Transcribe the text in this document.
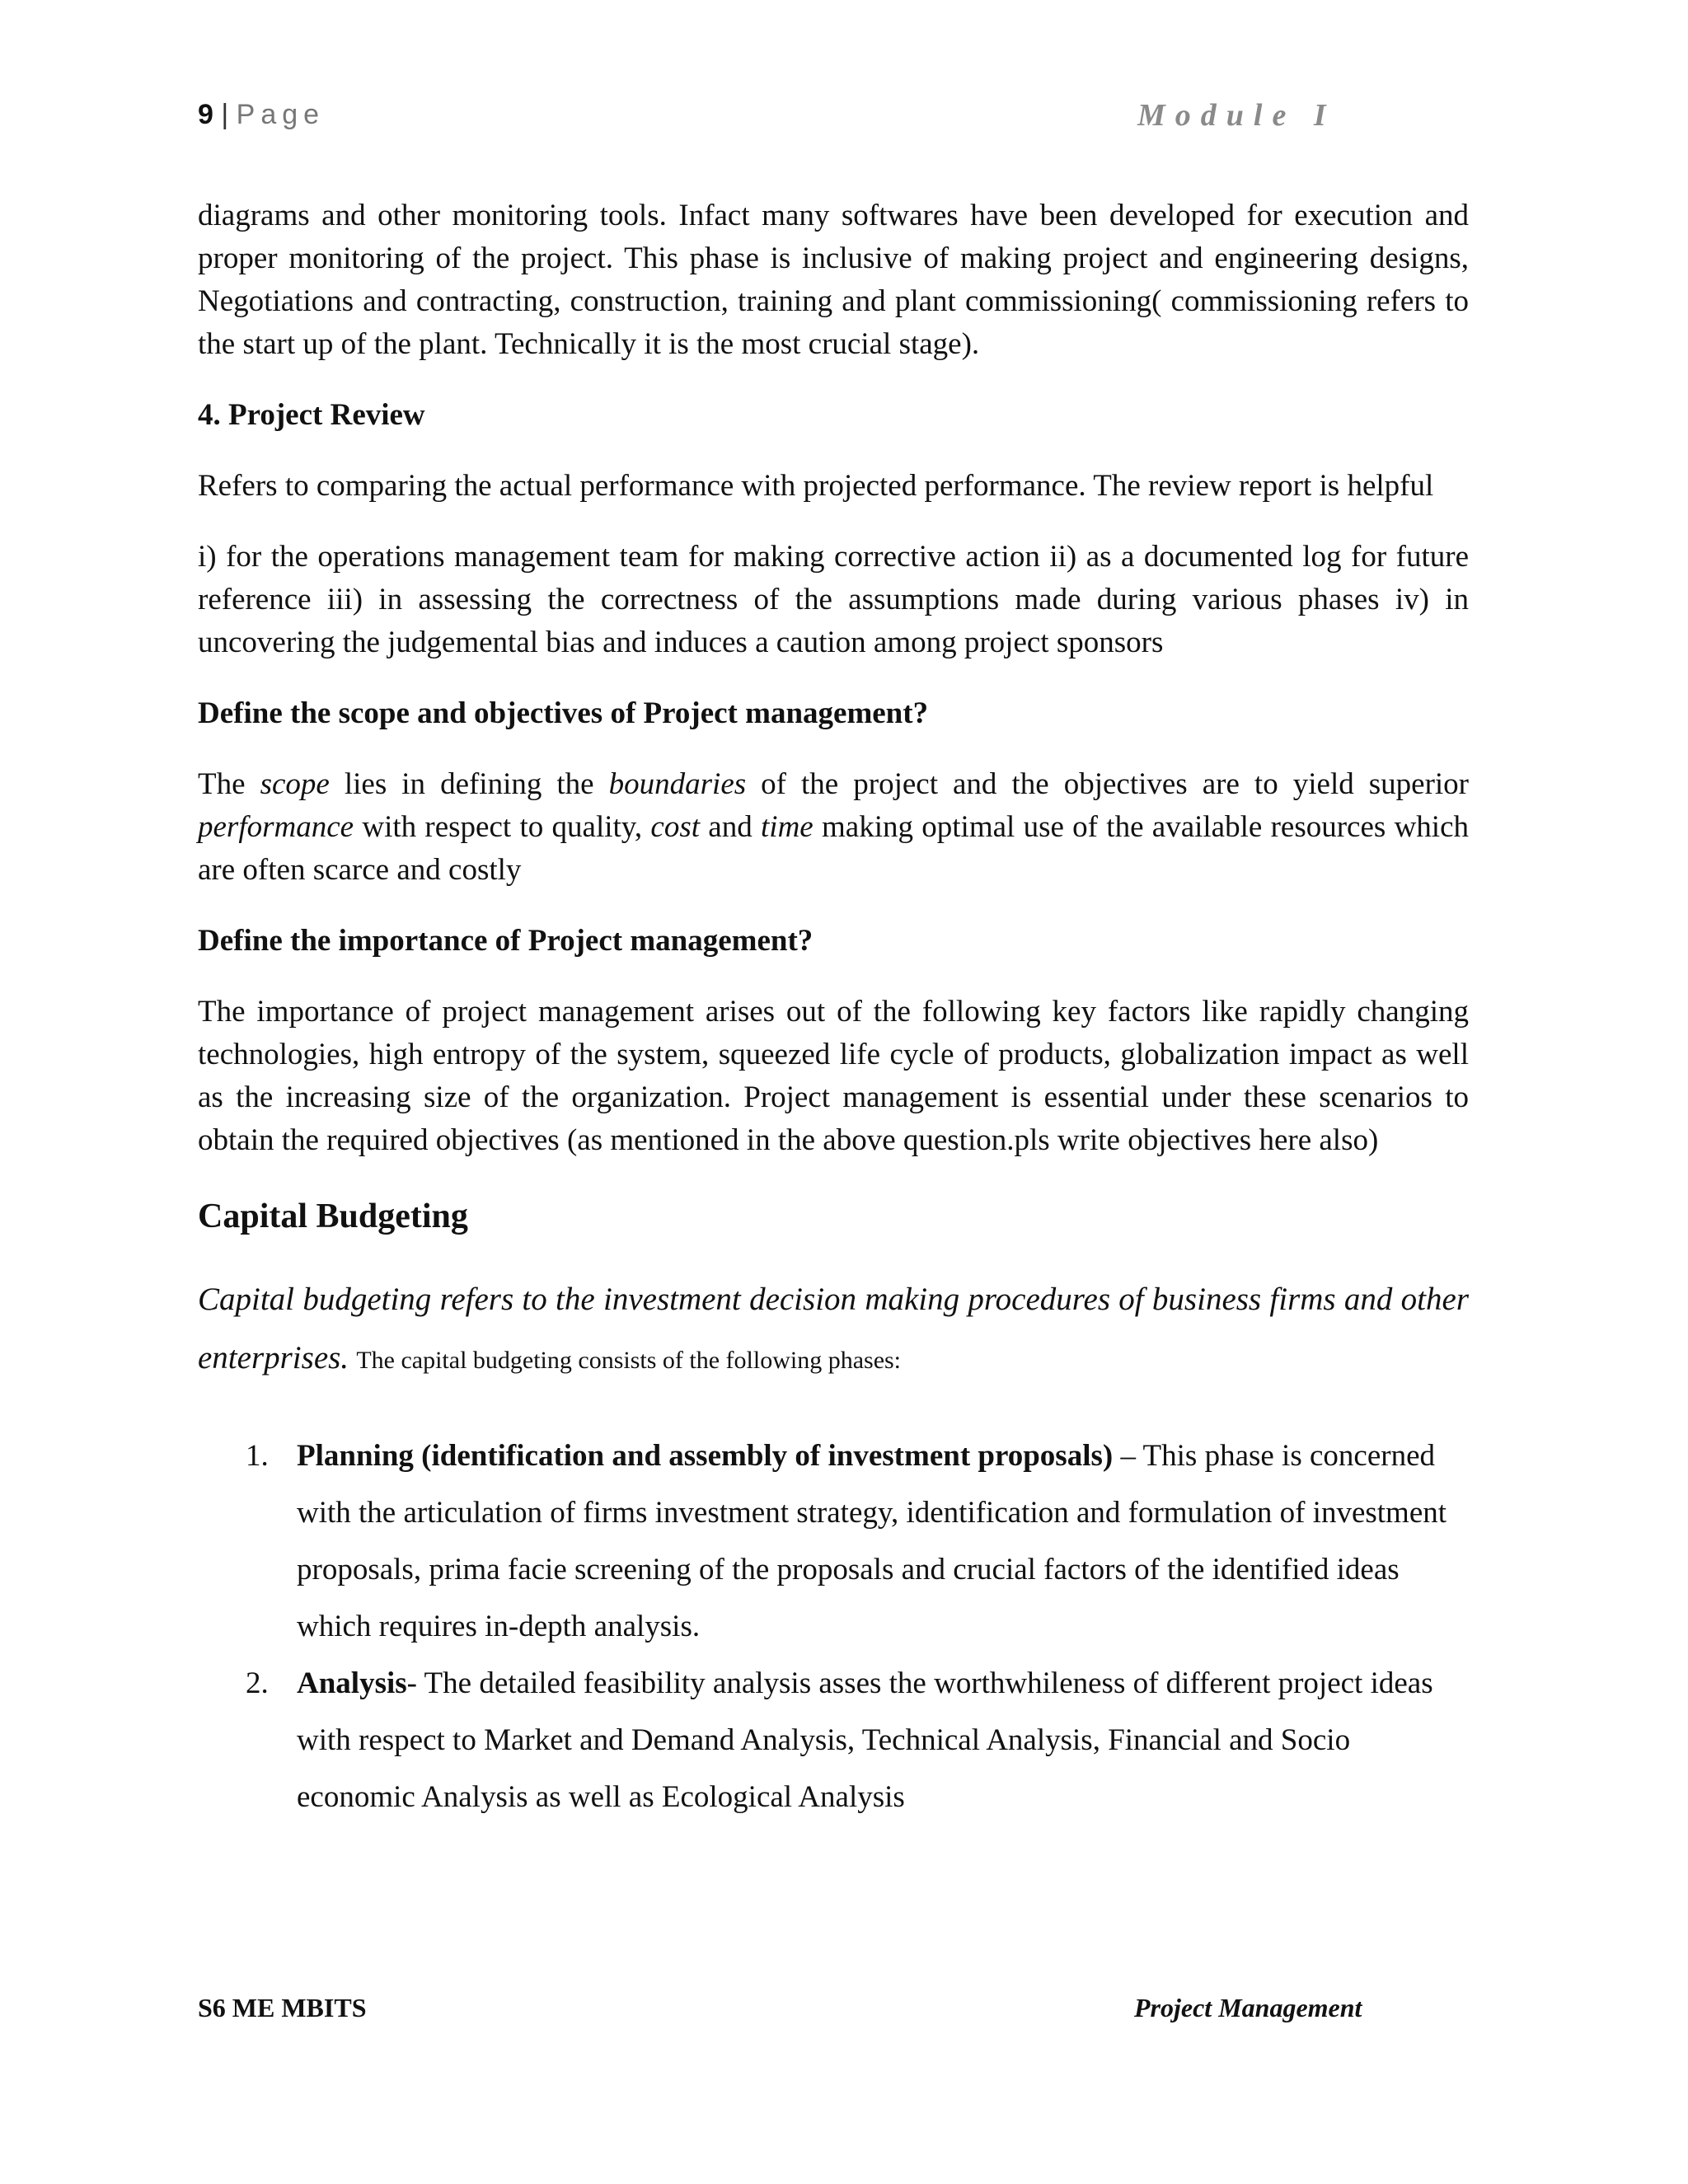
9 | Page	Module I

diagrams and other monitoring tools. Infact many softwares have been developed for execution and proper monitoring of the project. This phase is inclusive of making project and engineering designs, Negotiations and contracting, construction, training and plant commissioning( commissioning refers to the start up of the plant. Technically it is the most crucial stage).

4. Project Review

Refers to comparing the actual performance with projected performance. The review report is helpful

i) for the operations management team for making corrective action ii) as a documented log for future reference iii) in assessing the correctness of the assumptions made during various phases iv) in uncovering the judgemental bias and induces a caution among project sponsors

Define the scope and objectives of Project management?

The scope lies in defining the boundaries of the project and the objectives are to yield superior performance with respect to quality, cost and time making optimal use of the available resources which are often scarce and costly

Define the importance of Project management?

The importance of project management arises out of the following key factors like rapidly changing technologies, high entropy of the system, squeezed life cycle of products, globalization impact as well as the increasing size of the organization. Project management is essential under these scenarios to obtain the required objectives (as mentioned in the above question.pls write objectives here also)

Capital Budgeting

Capital budgeting refers to the investment decision making procedures of business firms and other enterprises. The capital budgeting consists of the following phases:

1. Planning (identification and assembly of investment proposals) – This phase is concerned with the articulation of firms investment strategy, identification and formulation of investment proposals, prima facie screening of the proposals and crucial factors of the identified ideas which requires in-depth analysis.
2. Analysis- The detailed feasibility analysis asses the worthwhileness of different project ideas with respect to Market and Demand Analysis, Technical Analysis, Financial and Socio economic Analysis as well as Ecological Analysis
S6 ME MBITS	Project Management
